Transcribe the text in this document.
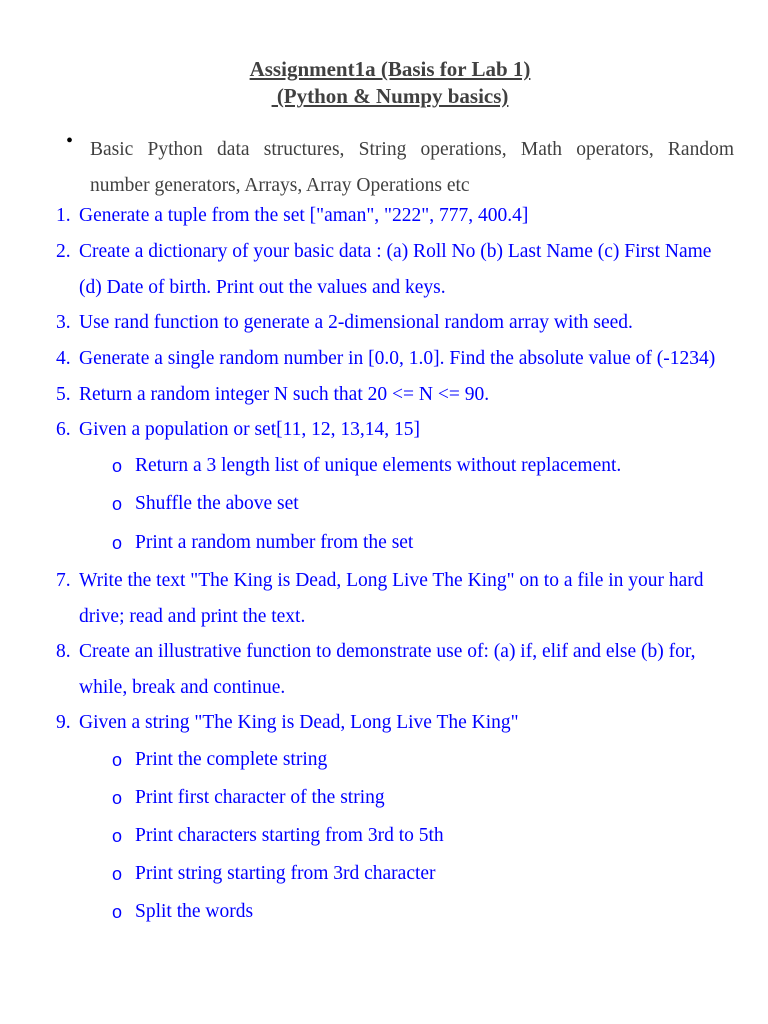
Assignment1a (Basis for Lab 1)
(Python & Numpy basics)
• Basic Python data structures, String operations, Math operators, Random
number generators, Arrays, Array Operations etc
1. Generate a tuple from the set ["aman", "222", 777, 400.4]
2. Create a dictionary of your basic data : (a) Roll No (b) Last Name (c) First Name
(d) Date of birth. Print out the values and keys.
3. Use rand function to generate a 2-dimensional random array with seed.
4. Generate a single random number in [0.0, 1.0]. Find the absolute value of (-1234)
5. Return a random integer N such that 20 <= N <= 90.
6. Given a population or set[11, 12, 13,14, 15]
o Return a 3 length list of unique elements without replacement.
o Shuffle the above set
o Print a random number from the set
7. Write the text "The King is Dead, Long Live The King" on to a file in your hard
drive; read and print the text.
8. Create an illustrative function to demonstrate use of: (a) if, elif and else (b) for,
while, break and continue.
9. Given a string "The King is Dead, Long Live The King"
o Print the complete string
o Print first character of the string
o Print characters starting from 3rd to 5th
o Print string starting from 3rd character
o Split the words
